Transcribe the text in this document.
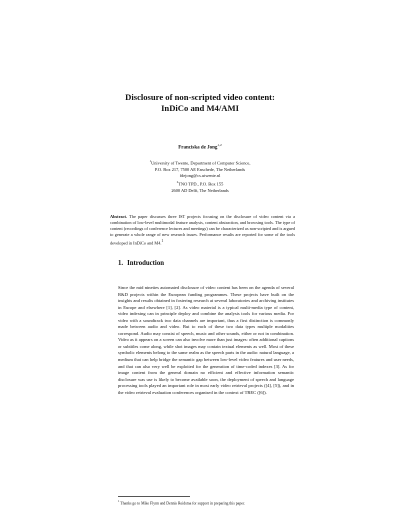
Disclosure of non-scripted video content:
InDiCo and M4/AMI
Franciska de Jong$^{1,2}$
$^1$University of Twente, Department of Computer Science,
P.O. Box 217, 7500 AE Enschede, The Netherlands
fdejong@cs.utwente.nl
$^2$TNO TPD., P.O. Box 155
2600 AD Delft, The Netherlands
Abstract. The paper discusses three IST projects focusing on the disclosure of video content via a combination of low-level multimodal feature analysis, content abstraction, and browsing tools. The type of content (recordings of conference lectures and meetings) can be characterized as non-scripted and is argued to generate a whole range of new research issues. Performance results are reported for some of the tools developed in InDiCo and M4.$^1$
1. Introduction
Since the mid nineties automated disclosure of video content has been on the agenda of several R&D projects within the European funding programmes. These projects have built on the insights and results obtained in fostering research at several laboratories and archiving institutes in Europe and elsewhere [1], [2]. As video material is a typical multi-media type of content, video indexing can in principle deploy and combine the analysis tools for various media. For video with a soundtrack two data channels are important, thus a first distinction is commonly made between audio and video. But to each of these two data types multiple modalities correspond. Audio may consist of speech, music and other sounds, either or not in combination. Video as it appears on a screen can also involve more than just images: often additional captions or subtitles come along, while shot images may contain textual elements as well. Most of these symbolic elements belong to the same realm as the speech parts in the audio: natural language, a medium that can help bridge the semantic gap between low-level video features and user needs, and that can also very well be exploited for the generation of time-coded indexes [3]. As for image content from the general domain no efficient and effective information semantic disclosure was use is likely to become available soon, the deployment of speech and language processing tools played an important role in most early video retrieval projects ([4], [5]), and in the video retrieval evaluation conferences organised in the context of TREC ([6]).
$^1$ Thanks go to Mike Flynn and Dennis Reidsma for support in preparing this paper.
